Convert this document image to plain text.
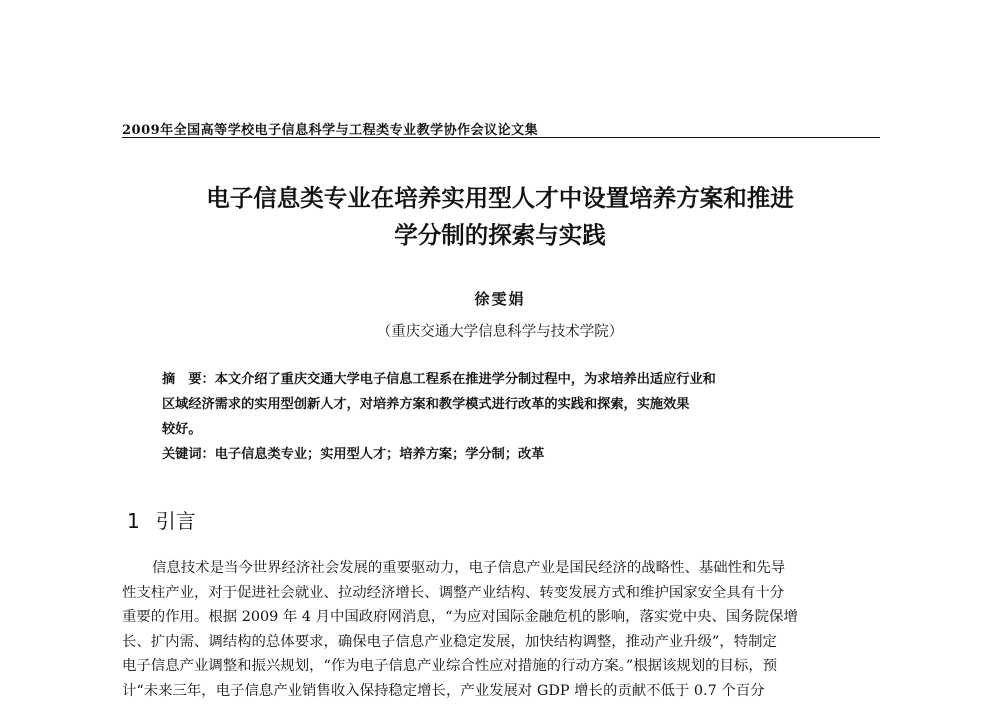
2009年全国高等学校电子信息科学与工程类专业教学协作会议论文集
电子信息类专业在培养实用型人才中设置培养方案和推进
学分制的探索与实践
徐雯娟
（重庆交通大学信息科学与技术学院）
摘　要：本文介绍了重庆交通大学电子信息工程系在推进学分制过程中，为求培养出适应行业和
区域经济需求的实用型创新人才，对培养方案和教学模式进行改革的实践和探索，实施效果
较好。
关键词：电子信息类专业；实用型人才；培养方案；学分制；改革
1 引言
信息技术是当今世界经济社会发展的重要驱动力，电子信息产业是国民经济的战略性、基础性和先导
性支柱产业，对于促进社会就业、拉动经济增长、调整产业结构、转变发展方式和维护国家安全具有十分
重要的作用。根据 2009 年 4 月中国政府网消息，“为应对国际金融危机的影响，落实党中央、国务院保增
长、扩内需、调结构的总体要求，确保电子信息产业稳定发展，加快结构调整，推动产业升级”，特制定
电子信息产业调整和振兴规划，“作为电子信息产业综合性应对措施的行动方案。”根据该规划的目标，预
计“未来三年，电子信息产业销售收入保持稳定增长，产业发展对 GDP 增长的贡献不低于 0.7 个百分
